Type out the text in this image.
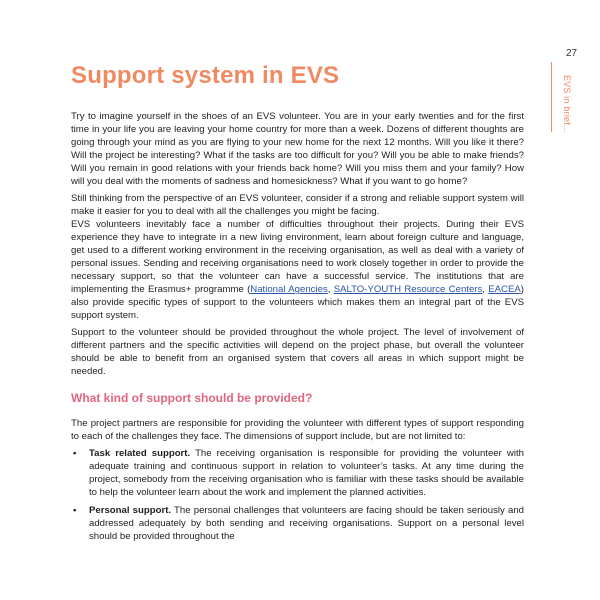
27
EVS in brief...
Support system in EVS

Try to imagine yourself in the shoes of an EVS volunteer. You are in your early twenties and for the first time in your life you are leaving your home country for more than a week. Dozens of different thoughts are going through your mind as you are flying to your new home for the next 12 months. Will you like it there? Will the project be interesting? What if the tasks are too difficult for you? Will you be able to make friends? Will you remain in good relations with your friends back home? Will you miss them and your family? How will you deal with the moments of sadness and homesickness? What if you want to go home?

Still thinking from the perspective of an EVS volunteer, consider if a strong and reliable support system will make it easier for you to deal with all the challenges you might be facing.

EVS volunteers inevitably face a number of difficulties throughout their projects. During their EVS experience they have to integrate in a new living environment, learn about foreign culture and language, get used to a different working environment in the receiving organisation, as well as deal with a variety of personal issues. Sending and receiving organisations need to work closely together in order to provide the necessary support, so that the volunteer can have a successful service. The institutions that are implementing the Erasmus+ programme (National Agencies, SALTO-YOUTH Resource Centers, EACEA) also provide specific types of support to the volunteers which makes them an integral part of the EVS support system.

Support to the volunteer should be provided throughout the whole project. The level of involvement of different partners and the specific activities will depend on the project phase, but overall the volunteer should be able to benefit from an organised system that covers all areas in which support might be needed.

What kind of support should be provided?

The project partners are responsible for providing the volunteer with different types of support responding to each of the challenges they face. The dimensions of support include, but are not limited to:

• Task related support. The receiving organisation is responsible for providing the volunteer with adequate training and continuous support in relation to volunteer’s tasks. At any time during the project, somebody from the receiving organisation who is familiar with these tasks should be available to help the volunteer learn about the work and implement the planned activities.
• Personal support. The personal challenges that volunteers are facing should be taken seriously and addressed adequately by both sending and receiving organisations. Support on a personal level should be provided throughout the
